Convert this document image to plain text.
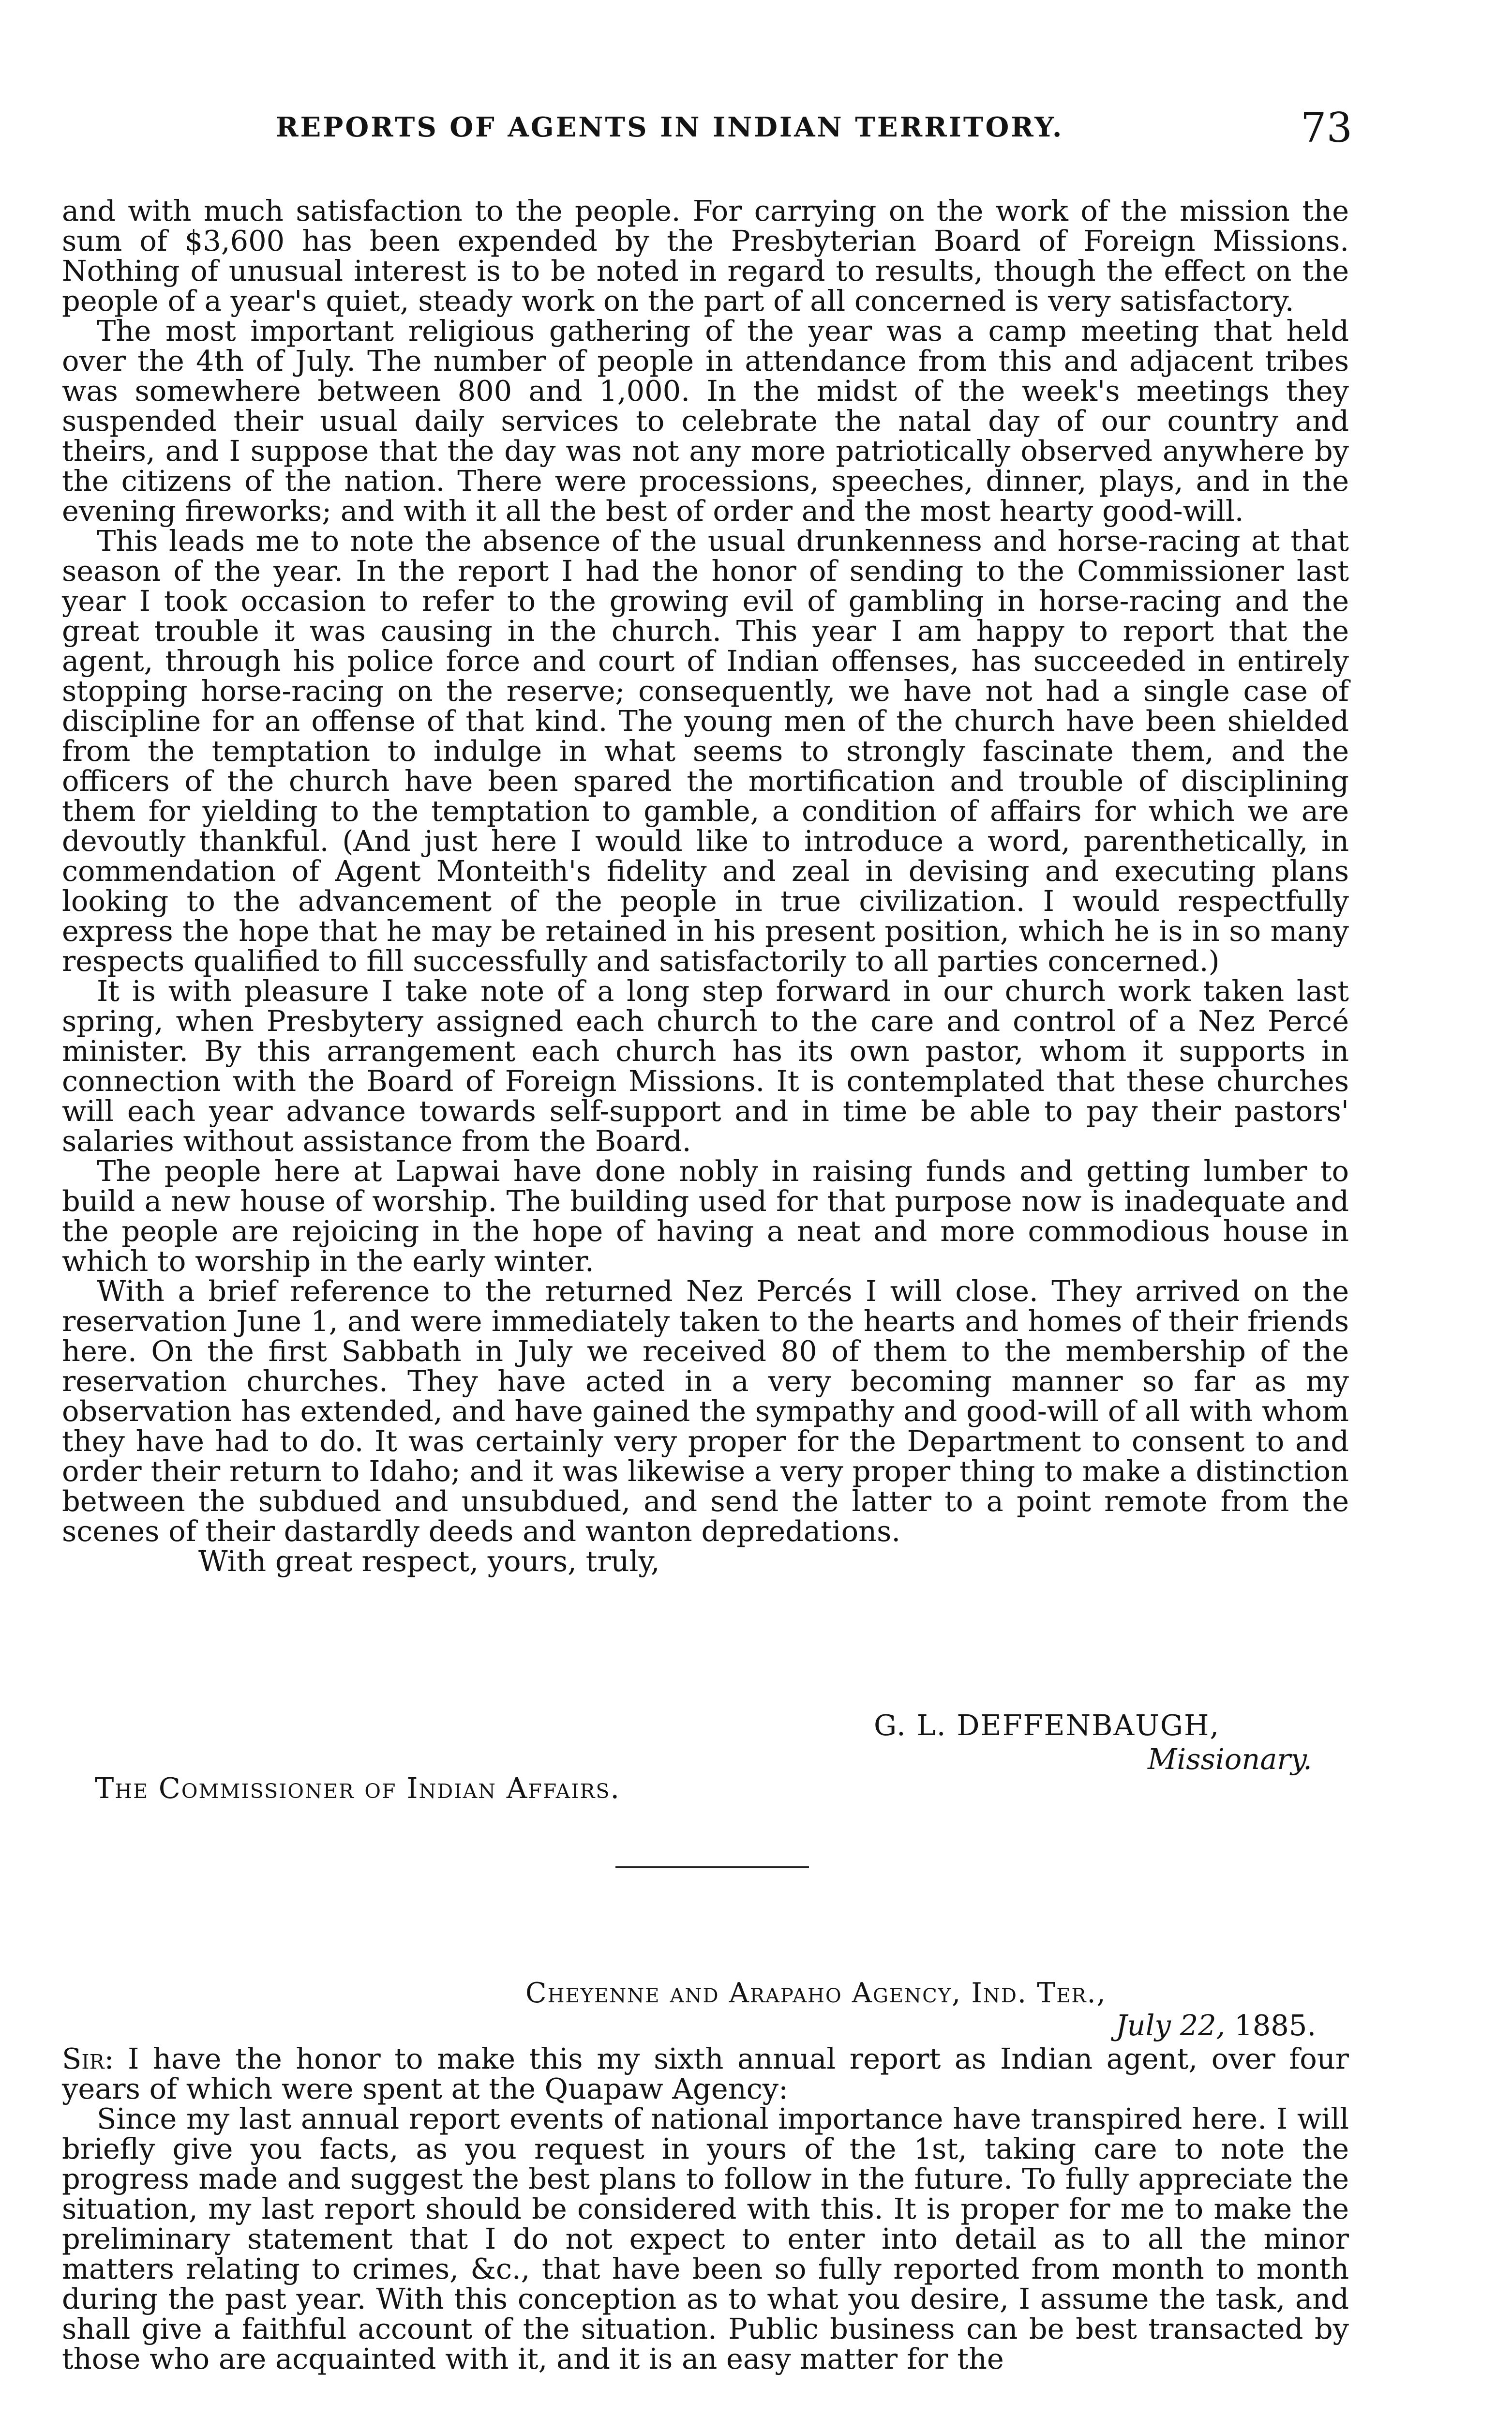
REPORTS OF AGENTS IN INDIAN TERRITORY.	73

and with much satisfaction to the people. For carrying on the work of the mission the sum of $3,600 has been expended by the Presbyterian Board of Foreign Missions. Nothing of unusual interest is to be noted in regard to results, though the effect on the people of a year's quiet, steady work on the part of all concerned is very satisfactory.

The most important religious gathering of the year was a camp meeting that held over the 4th of July. The number of people in attendance from this and adjacent tribes was somewhere between 800 and 1,000. In the midst of the week's meetings they suspended their usual daily services to celebrate the natal day of our country and theirs, and I suppose that the day was not any more patriotically observed anywhere by the citizens of the nation. There were processions, speeches, dinner, plays, and in the evening fireworks; and with it all the best of order and the most hearty good-will.

This leads me to note the absence of the usual drunkenness and horse-racing at that season of the year. In the report I had the honor of sending to the Commissioner last year I took occasion to refer to the growing evil of gambling in horse-racing and the great trouble it was causing in the church. This year I am happy to report that the agent, through his police force and court of Indian offenses, has succeeded in entirely stopping horse-racing on the reserve; consequently, we have not had a single case of discipline for an offense of that kind. The young men of the church have been shielded from the temptation to indulge in what seems to strongly fascinate them, and the officers of the church have been spared the mortification and trouble of disciplining them for yielding to the temptation to gamble, a condition of affairs for which we are devoutly thankful. (And just here I would like to introduce a word, parenthetically, in commendation of Agent Monteith's fidelity and zeal in devising and executing plans looking to the advancement of the people in true civilization. I would respectfully express the hope that he may be retained in his present position, which he is in so many respects qualified to fill successfully and satisfactorily to all parties concerned.)

It is with pleasure I take note of a long step forward in our church work taken last spring, when Presbytery assigned each church to the care and control of a Nez Percé minister. By this arrangement each church has its own pastor, whom it supports in connection with the Board of Foreign Missions. It is contemplated that these churches will each year advance towards self-support and in time be able to pay their pastors' salaries without assistance from the Board.

The people here at Lapwai have done nobly in raising funds and getting lumber to build a new house of worship. The building used for that purpose now is inadequate and the people are rejoicing in the hope of having a neat and more commodious house in which to worship in the early winter.

With a brief reference to the returned Nez Percés I will close. They arrived on the reservation June 1, and were immediately taken to the hearts and homes of their friends here. On the first Sabbath in July we received 80 of them to the membership of the reservation churches. They have acted in a very becoming manner so far as my observation has extended, and have gained the sympathy and good-will of all with whom they have had to do. It was certainly very proper for the Department to consent to and order their return to Idaho; and it was likewise a very proper thing to make a distinction between the subdued and unsubdued, and send the latter to a point remote from the scenes of their dastardly deeds and wanton depredations.

With great respect, yours, truly,

G. L. DEFFENBAUGH,
Missionary.
The Commissioner of Indian Affairs.
Cheyenne and Arapaho Agency, Ind. Ter.,
July 22, 1885.

Sir: I have the honor to make this my sixth annual report as Indian agent, over four years of which were spent at the Quapaw Agency:

Since my last annual report events of national importance have transpired here. I will briefly give you facts, as you request in yours of the 1st, taking care to note the progress made and suggest the best plans to follow in the future. To fully appreciate the situation, my last report should be considered with this. It is proper for me to make the preliminary statement that I do not expect to enter into detail as to all the minor matters relating to crimes, &c., that have been so fully reported from month to month during the past year. With this conception as to what you desire, I assume the task, and shall give a faithful account of the situation. Public business can be best transacted by those who are acquainted with it, and it is an easy matter for the
